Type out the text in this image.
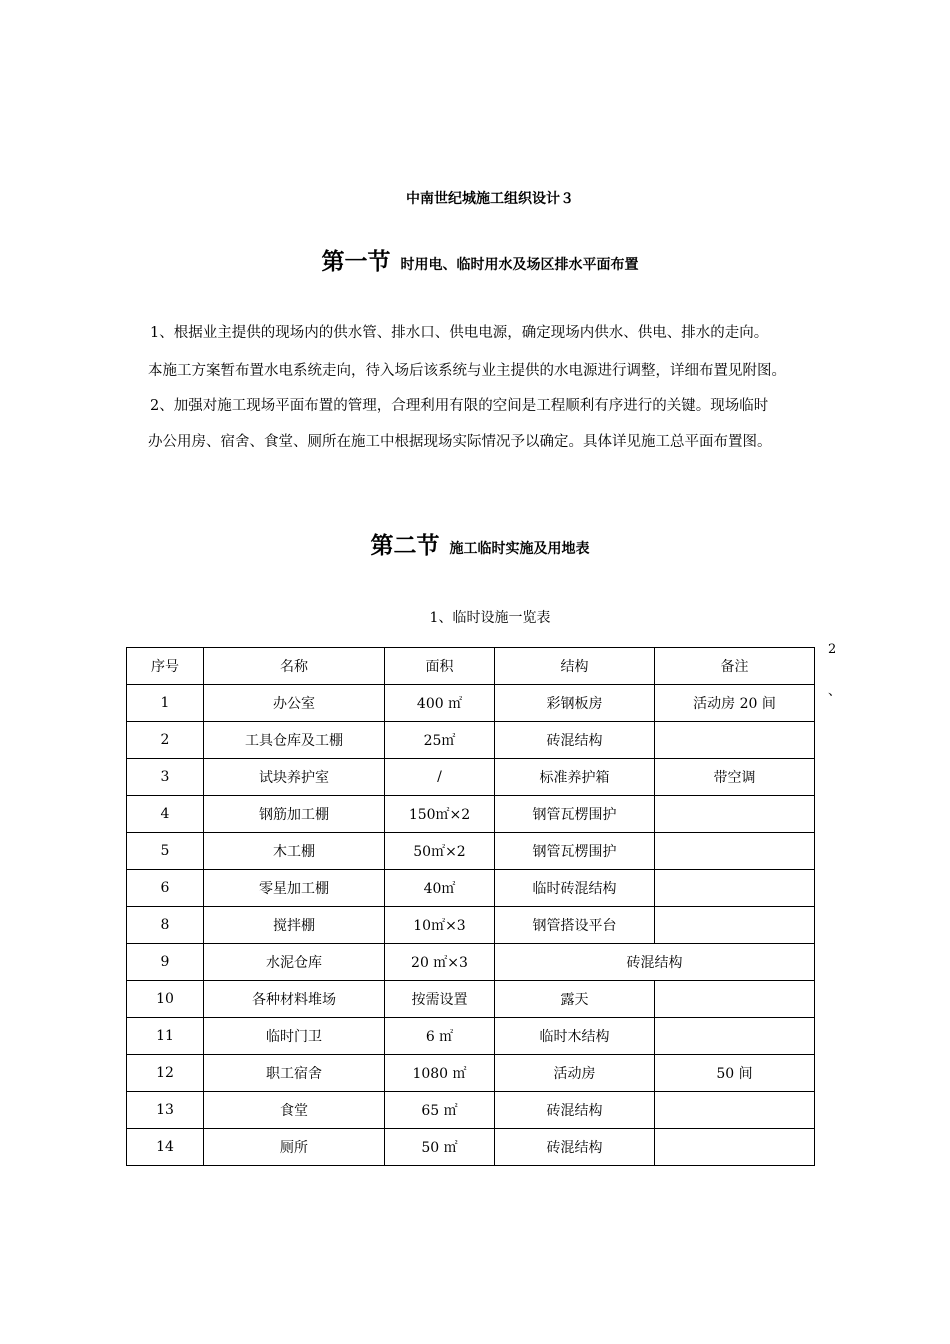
中南世纪城施工组织设计３
第一节 时用电、临时用水及场区排水平面布置
1、根据业主提供的现场内的供水管、排水口、供电电源，确定现场内供水、供电、排水的走向。
本施工方案暂布置水电系统走向，待入场后该系统与业主提供的水电源进行调整，详细布置见附图。
2、加强对施工现场平面布置的管理，合理利用有限的空间是工程顺利有序进行的关键。现场临时
办公用房、宿舍、食堂、厕所在施工中根据现场实际情况予以确定。具体详见施工总平面布置图。
第二节 施工临时实施及用地表
1、临时设施一览表
2
、
序号	名称	面积	结构	备注
1	办公室	400 ㎡	彩钢板房	活动房 20 间
2	工具仓库及工棚	25㎡	砖混结构	
3	试块养护室	/	标准养护箱	带空调
4	钢筋加工棚	150㎡×2	钢管瓦楞围护	
5	木工棚	50㎡×2	钢管瓦楞围护	
6	零星加工棚	40㎡	临时砖混结构	
8	搅拌棚	10㎡×3	钢管搭设平台	
9	水泥仓库	20 ㎡×3	砖混结构	
10	各种材料堆场	按需设置	露天	
11	临时门卫	6 ㎡	临时木结构	
12	职工宿舍	1080 ㎡	活动房	50 间
13	食堂	65 ㎡	砖混结构	
14	厕所	50 ㎡	砖混结构	
